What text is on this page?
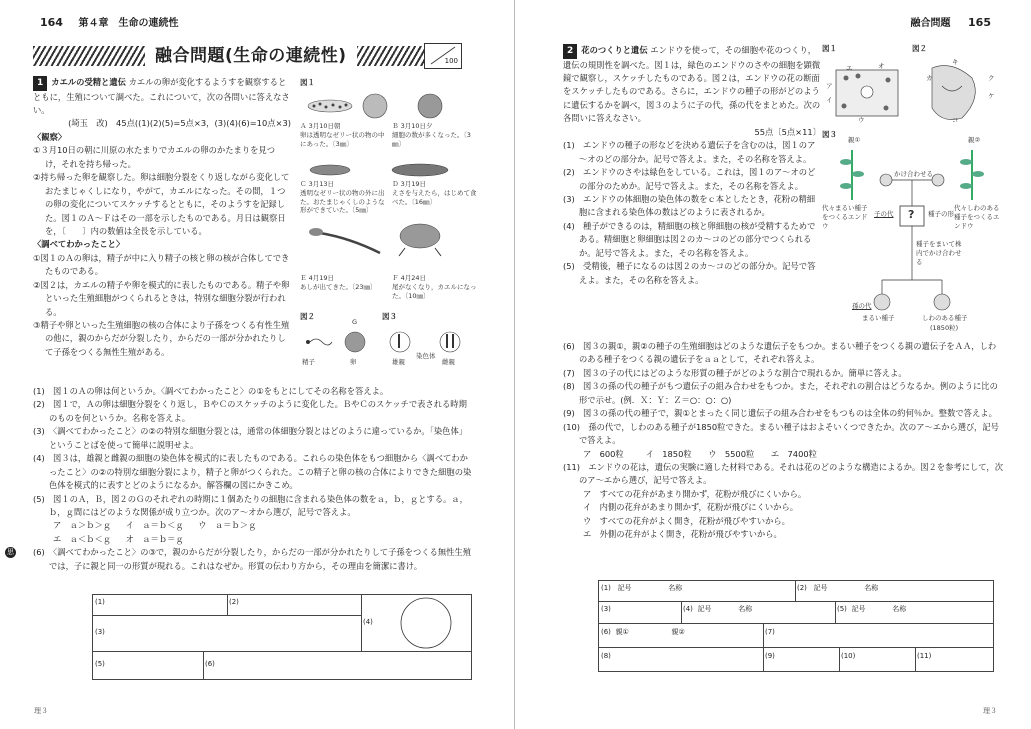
164 第４章　生命の連続性
融合問題(生命の連続性)	100

1 カエルの受精と遺伝 カエルの卵が変化するようすを観察するとともに，生殖について調べた。これについて，次の各問いに答えなさい。

(埼玉　改)　45点((1)(2)(5)=5点×3，(3)(4)(6)=10点×3)

〈観察〉

①３月10日の朝に川原の水たまりでカエルの卵のかたまりを見つけ，それを持ち帰った。

②持ち帰った卵を観察した。卵は細胞分裂をくり返しながら変化しておたまじゃくしになり，やがて，カエルになった。その間，１つの卵の変化についてスケッチするとともに，そのようすを記録した。図１のＡ～Ｆはその一部を示したものである。月日は観察日を，〔　　〕内の数値は全長を示している。

〈調べてわかったこと〉

①図１のＡの卵は，精子が中に入り精子の核と卵の核が合体してできたものである。

②図２は，カエルの精子や卵を模式的に表したものである。精子や卵といった生殖細胞がつくられるときは，特別な細胞分裂が行われる。

③精子や卵といった生殖細胞の核の合体により子孫をつくる有性生殖の他に，親のからだが分裂したり，からだの一部が分かれたりして子孫をつくる無性生殖がある。

図１
Ａ 3月10日朝
卵は透明なゼリー状の物の中にあった。〔3㎜〕
Ｂ 3月10日夕
細胞の数が多くなった。〔3㎜〕
Ｃ 3月13日
透明なゼリー状の物の外に出た。おたまじゃくしのような形ができていた。〔5㎜〕
Ｄ 3月19日
えさを与えたら，はじめて食べた。〔16㎜〕
Ｅ 4月19日
あしが出てきた。〔23㎜〕
Ｆ 4月24日
尾がなくなり，カエルになった。〔10㎜〕
図２	図３
精子
G
卵	雄親
染色体
雌親

(1)　図１のＡの卵は何というか。〈調べてわかったこと〉の①をもとにしてその名称を答えよ。

(2)　図１で，Ａの卵は細胞分裂をくり返し，ＢやＣのスケッチのように変化した。ＢやＣのスケッチで表される時期のものを何というか。名称を答えよ。

(3)　〈調べてわかったこと〉の②の特別な細胞分裂とは，通常の体細胞分裂とはどのように違っているか。「染色体」ということばを使って簡単に説明せよ。

(4)　図３は，雄親と雌親の細胞の染色体を模式的に表したものである。これらの染色体をもつ細胞から〈調べてわかったこと〉の②の特別な細胞分裂により，精子と卵がつくられた。この精子と卵の核の合体によりできた細胞の染色体を模式的に表すとどのようになるか。解答欄の図にかきこめ。

(5)　図１のＡ，Ｂ，図２のＧのそれぞれの時期に１個あたりの細胞に含まれる染色体の数をａ，ｂ，ｇとする。ａ，ｂ，ｇ間にはどのような関係が成り立つか。次のア～オから選び，記号で答えよ。

ア　ａ＞ｂ＞ｇ イ　ａ＝ｂ＜ｇ ウ　ａ＝ｂ＞ｇ

エ　ａ＜ｂ＜ｇ オ　ａ＝ｂ＝ｇ

思 (6)　〈調べてわかったこと〉の③で，親のからだが分裂したり，からだの一部が分かれたりして子孫をつくる無性生殖では，子に親と同一の形質が現れる。これはなぜか。形質の伝わり方から，その理由を簡潔に書け。

(1)	(2)
(3)
(4)
(5)	(6)
理３
融合問題 165

2 花のつくりと遺伝 エンドウを使って，その細胞や花のつくり，遺伝の規則性を調べた。図１は，緑色のエンドウのさやの細胞を顕微鏡で観察し，スケッチしたものである。図２は，エンドウの花の断面をスケッチしたものである。さらに，エンドウの種子の形がどのように遺伝するかを調べ，図３のように子の代，孫の代をまとめた。次の各問いに答えなさい。

55点〔5点×11〕

(1)　エンドウの種子の形などを決める遺伝子を含むのは，図１のア～オのどの部分か。記号で答えよ。また，その名称を答えよ。

(2)　エンドウのさやは緑色をしている。これは，図１のア～オのどの部分のためか。記号で答えよ。また，その名称を答えよ。

(3)　エンドウの体細胞の染色体の数をｃ本としたとき，花粉の精細胞に含まれる染色体の数はどのように表されるか。

(4)　種子ができるのは，精細胞の核と卵細胞の核が受精するためである。精細胞と卵細胞は図２のカ～コのどの部分でつくられるか。記号で答えよ。また，その名称を答えよ。

(5)　受精後，種子になるのは図２のカ～コのどの部分か。記号で答えよ。また，その名称を答えよ。

図１	図２
エ	オ
ア
イ
ウ
カ
キ
ク
ケ
コ
図３
親①	親②
代々まるい種子をつくるエンドウ
代々しわのある種子をつくるエンドウ
かけ合わせる
子の代 ? 種子の形
種子をまいて株内でかけ合わせる
孫の代
まるい種子	しわのある種子
(1850粒)

(6)　図３の親①，親②の種子の生殖細胞はどのような遺伝子をもつか。まるい種子をつくる親の遺伝子をＡＡ，しわのある種子をつくる親の遺伝子をａａとして，それぞれ答えよ。

(7)　図３の子の代にはどのような形質の種子がどのような割合で現れるか。簡単に答えよ。

(8)　図３の孫の代の種子がもつ遺伝子の組み合わせをもつか。また，それぞれの割合はどうなるか。例のように比の形で示せ。(例．Ｘ：Ｙ：Ｚ＝○：○：○)

(9)　図３の孫の代の種子で，親①とまったく同じ遺伝子の組み合わせをもつものは全体の約何％か。整数で答えよ。

(10)　孫の代で，しわのある種子が1850粒できた。まるい種子はおよそいくつできたか。次のア～エから選び，記号で答えよ。

ア　600粒	イ　1850粒 ウ　5500粒 エ　7400粒

(11)　エンドウの花は，遺伝の実験に適した材料である。それは花のどのような構造によるか。図２を参考にして，次のア～エから選び，記号で答えよ。

ア　すべての花弁があまり開かず，花粉が飛びにくいから。

イ　内側の花弁があまり開かず，花粉が飛びにくいから。

ウ　すべての花弁がよく開き，花粉が飛びやすいから。

エ　外側の花弁がよく開き，花粉が飛びやすいから。

(1) 記号	名称	(2) 記号	名称
(3)	(4) 記号	名称	(5) 記号	名称
(6) 親①	親②	(7)
(8)	(9)	(10)	(11)
理３
